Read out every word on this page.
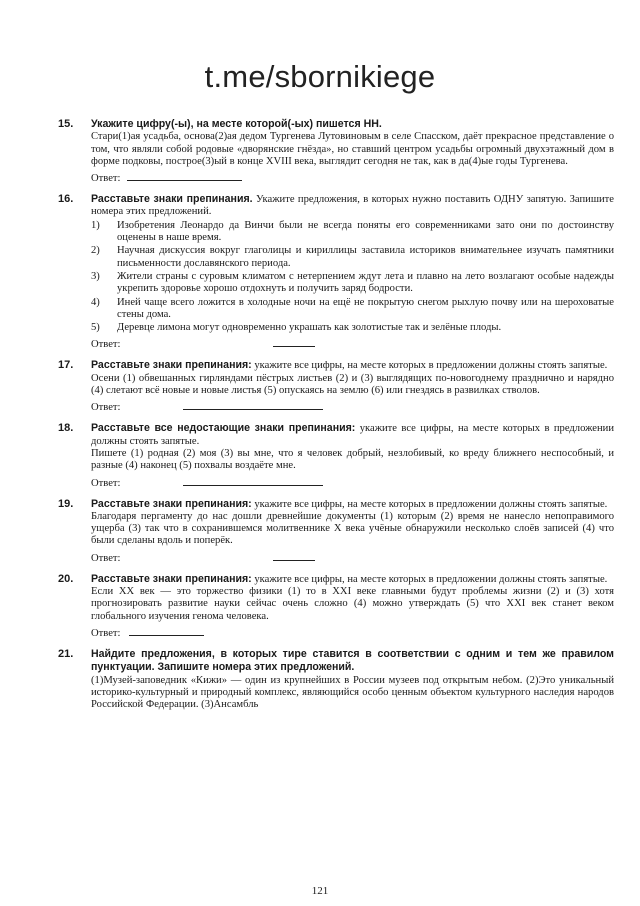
t.me/sbornikiege
15. Укажите цифру(-ы), на месте которой(-ых) пишется НН.

Стари(1)ая усадьба, основа(2)ая дедом Тургенева Лутовиновым в селе Спасском, даёт прекрасное представление о том, что являли собой родовые «дворянские гнёзда», но ставший центром усадьбы огромный двухэтажный дом в форме подковы, построе(3)ый в конце XVIII века, выглядит сегодня не так, как в да(4)ые годы Тургенева.

Ответ:
16. Расставьте знаки препинания. Укажите предложения, в которых нужно поставить ОДНУ запятую. Запишите номера этих предложений.

1) Изобретения Леонардо да Винчи были не всегда поняты его современниками зато они по достоинству оценены в наше время.
2) Научная дискуссия вокруг глаголицы и кириллицы заставила историков внимательнее изучать памятники письменности дославянского периода.
3) Жители страны с суровым климатом с нетерпением ждут лета и плавно на лето возлагают особые надежды укрепить здоровье хорошо отдохнуть и получить заряд бодрости.
4) Иней чаще всего ложится в холодные ночи на ещё не покрытую снегом рыхлую почву или на шероховатые стены дома.
5) Деревце лимона могут одновременно украшать как золотистые так и зелёные плоды.
Ответ:
17. Расставьте знаки препинания: укажите все цифры, на месте которых в предложении должны стоять запятые.

Осени (1) обвешанных гирляндами пёстрых листьев (2) и (3) выглядящих по-новогоднему празднично и нарядно (4) слетают всё новые и новые листья (5) опускаясь на землю (6) или гнездясь в развилках стволов.

Ответ:
18. Расставьте все недостающие знаки препинания: укажите все цифры, на месте которых в предложении должны стоять запятые.

Пишете (1) родная (2) моя (3) вы мне, что я человек добрый, незлобивый, ко вреду ближнего неспособный, и разные (4) наконец (5) похвалы воздаёте мне.

Ответ:
19. Расставьте знаки препинания: укажите все цифры, на месте которых в предложении должны стоять запятые.

Благодаря пергаменту до нас дошли древнейшие документы (1) которым (2) время не нанесло непоправимого ущерба (3) так что в сохранившемся молитвеннике X века учёные обнаружили несколько слоёв записей (4) что были сделаны вдоль и поперёк.

Ответ:
20. Расставьте знаки препинания: укажите все цифры, на месте которых в предложении должны стоять запятые.

Если XX век — это торжество физики (1) то в XXI веке главными будут проблемы жизни (2) и (3) хотя прогнозировать развитие науки сейчас очень сложно (4) можно утверждать (5) что XXI век станет веком глобального изучения генома человека.

Ответ:
21. Найдите предложения, в которых тире ставится в соответствии с одним и тем же правилом пунктуации. Запишите номера этих предложений.

(1)Музей-заповедник «Кижи» — один из крупнейших в России музеев под открытым небом. (2)Это уникальный историко-культурный и природный комплекс, являющийся особо ценным объектом культурного наследия народов Российской Федерации. (3)Ансамбль

121
